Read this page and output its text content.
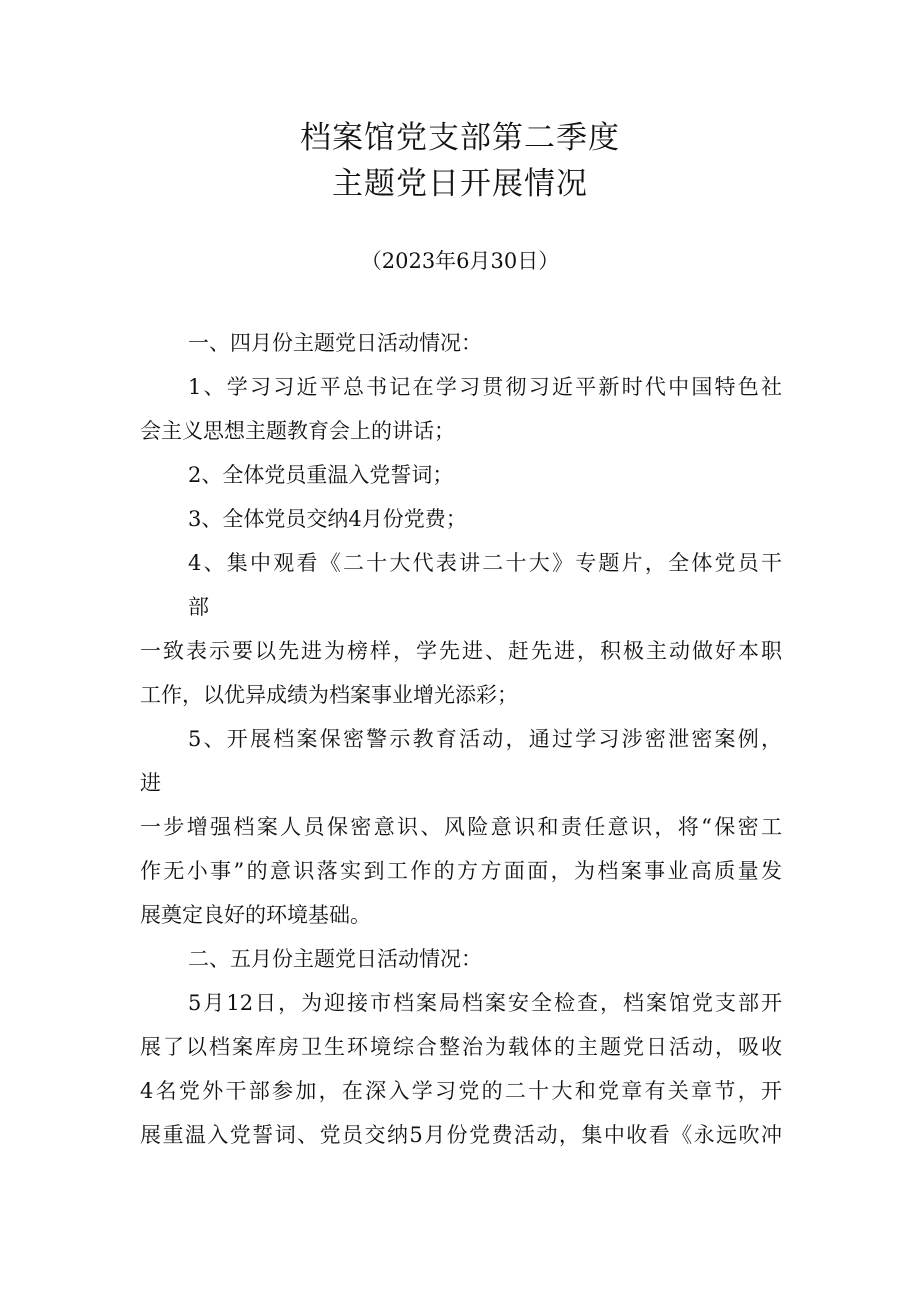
档案馆党支部第二季度
主题党日开展情况
（2023年6月30日）
一、四月份主题党日活动情况：
1、学习习近平总书记在学习贯彻习近平新时代中国特色社
会主义思想主题教育会上的讲话；
2、全体党员重温入党誓词；
3、全体党员交纳4月份党费；
4、集中观看《二十大代表讲二十大》专题片，全体党员干
部
一致表示要以先进为榜样，学先进、赶先进，积极主动做好本职
工作，以优异成绩为档案事业增光添彩；
5、开展档案保密警示教育活动，通过学习涉密泄密案例，
进
一步增强档案人员保密意识、风险意识和责任意识，将“保密工
作无小事”的意识落实到工作的方方面面，为档案事业高质量发
展奠定良好的环境基础。
二、五月份主题党日活动情况：
5月12日，为迎接市档案局档案安全检查，档案馆党支部开
展了以档案库房卫生环境综合整治为载体的主题党日活动，吸收
4名党外干部参加，在深入学习党的二十大和党章有关章节，开
展重温入党誓词、党员交纳5月份党费活动，集中收看《永远吹冲
